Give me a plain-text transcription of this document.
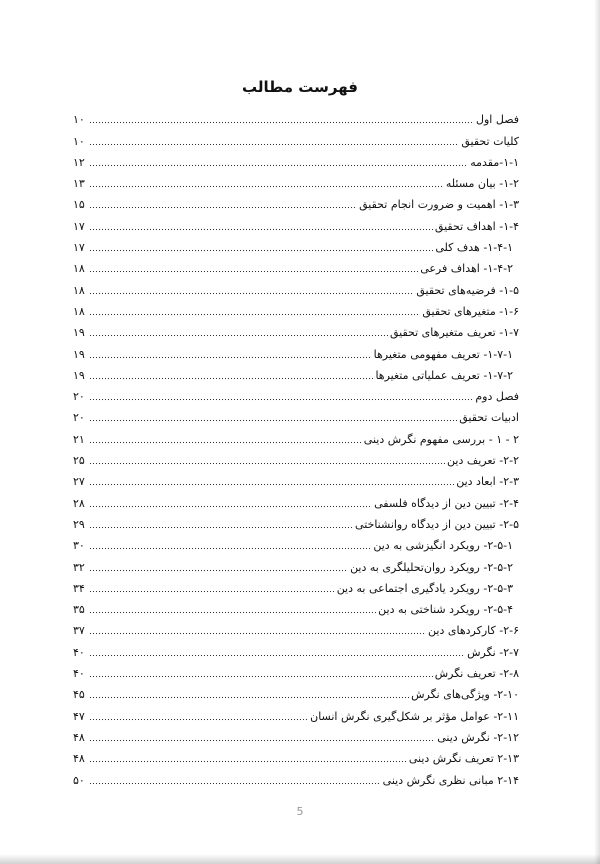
فهرست مطالب
۱۰	فصل اول
۱۰	کلیات تحقیق
۱۲	۱-۱-مقدمه
۱۳	۱-۲- بیان مسئله
۱۵	۱-۳- اهمیت و ضرورت انجام تحقیق
۱۷	۱-۴- اهداف تحقیق
۱۷	۱-۴-۱- هدف کلی
۱۸	۱-۴-۲- اهداف فرعی
۱۸	۱-۵- فرضیه‌های تحقیق
۱۸	۱-۶- متغیرهای تحقیق
۱۹	۱-۷- تعریف متغیرهای تحقیق
۱۹	۱-۷-۱- تعریف مفهومی متغیرها
۱۹	۱-۷-۲- تعریف عملیاتی متغیرها
۲۰	فصل دوم
۲۰	ادبیات تحقیق
۲۱	۲ - ۱ - بررسی مفهوم نگرش دینی
۲۵	۲-۲- تعریف دین
۲۷	۲-۳- ابعاد دین
۲۸	۲-۴- تبیین دین از دیدگاه فلسفی
۲۹	۲-۵- تبیین دین از دیدگاه روانشناختی
۳۰	۲-۵-۱- رویکرد انگیزشی به دین
۳۲	۲-۵-۲- رویکرد روان‌تحلیلگری به دین
۳۴	۲-۵-۳- رویکرد یادگیری اجتماعی به دین
۳۵	۲-۵-۴- رویکرد شناختی به دین
۳۷	۲-۶- کارکردهای دین
۴۰	۲-۷- نگرش
۴۰	۲-۸- تعریف نگرش
۴۵	۲-۱۰- ویژگی‌های نگرش
۴۷	۲-۱۱- عوامل مؤثر بر شکل‌گیری نگرش انسان
۴۸	۲-۱۲- نگرش دینی
۴۸	۲-۱۳ تعریف نگرش دینی
۵۰	۲-۱۴ مبانی نظری نگرش دینی
5
